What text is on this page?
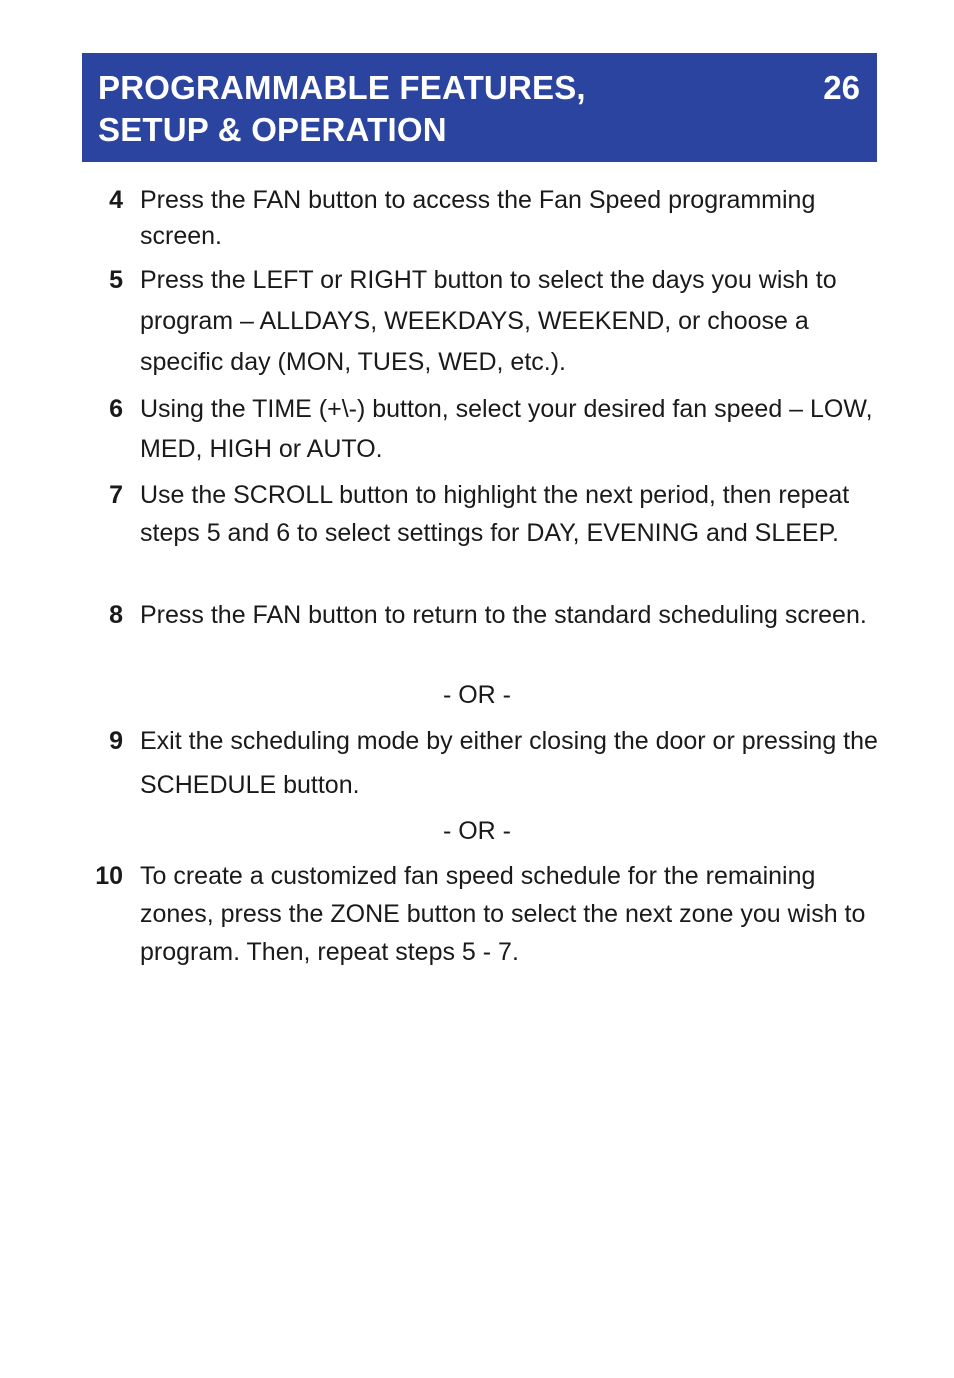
PROGRAMMABLE FEATURES,
SETUP & OPERATION
26
4 Press the FAN button to access the Fan Speed programming screen.
5 Press the LEFT or RIGHT button to select the days you wish to program – ALLDAYS, WEEKDAYS, WEEKEND, or choose a specific day (MON, TUES, WED, etc.).
6 Using the TIME (+\-) button, select your desired fan speed – LOW, MED, HIGH or AUTO.
7 Use the SCROLL button to highlight the next period, then repeat steps 5 and 6 to select settings for DAY, EVENING and SLEEP.
8 Press the FAN button to return to the standard scheduling screen.
- OR -
9 Exit the scheduling mode by either closing the door or pressing the SCHEDULE button.
- OR -
10 To create a customized fan speed schedule for the remaining zones, press the ZONE button to select the next zone you wish to program. Then, repeat steps 5 - 7.
